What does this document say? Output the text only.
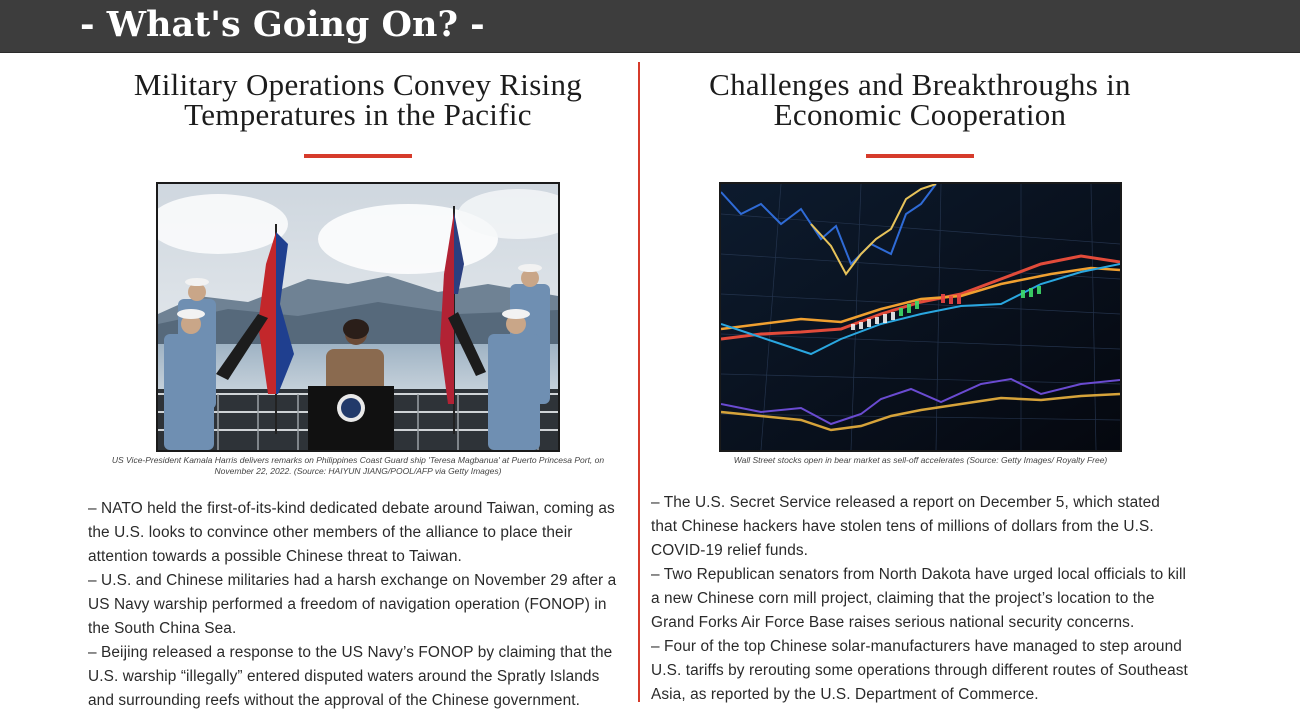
- What's Going On? -
Military Operations Convey Rising Temperatures in the Pacific
US Vice-President Kamala Harris delivers remarks on Philippines Coast Guard ship 'Teresa Magbanua' at Puerto Princesa Port, on November 22, 2022. (Source: HAIYUN JIANG/POOL/AFP via Getty Images)

– NATO held the first-of-its-kind dedicated debate around Taiwan, coming as the U.S. looks to convince other members of the alliance to place their attention towards a possible Chinese threat to Taiwan.

– U.S. and Chinese militaries had a harsh exchange on November 29 after a US Navy warship performed a freedom of navigation operation (FONOP) in the South China Sea.

– Beijing released a response to the US Navy’s FONOP by claiming that the U.S. warship “illegally” entered disputed waters around the Spratly Islands and surrounding reefs without the approval of the Chinese government.

Challenges and Breakthroughs in Economic Cooperation
Wall Street stocks open in bear market as sell-off accelerates (Source: Getty Images/ Royalty Free)

– The U.S. Secret Service released a report on December 5, which stated that Chinese hackers have stolen tens of millions of dollars from the U.S. COVID-19 relief funds.

– Two Republican senators from North Dakota have urged local officials to kill a new Chinese corn mill project, claiming that the project’s location to the Grand Forks Air Force Base raises serious national security concerns.

– Four of the top Chinese solar-manufacturers have managed to step around U.S. tariffs by rerouting some operations through different routes of Southeast Asia, as reported by the U.S. Department of Commerce.
